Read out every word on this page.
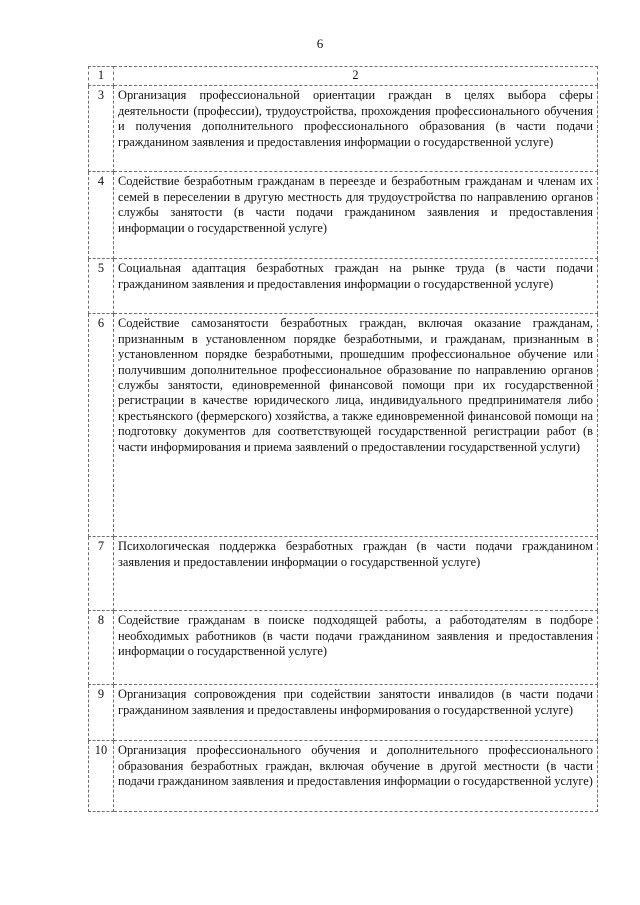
6
1	2
3	Организация профессиональной ориентации граждан в целях выбора сферы деятельности (профессии), трудоустройства, прохождения профессионального обучения и получения дополнительного профессионального образования (в части подачи гражданином заявления и предоставления информации о государственной услуге)
4	Содействие безработным гражданам в переезде и безработным гражданам и членам их семей в переселении в другую местность для трудоустройства по направлению органов службы занятости (в части подачи гражданином заявления и предоставления информации о государственной услуге)
5	Социальная адаптация безработных граждан на рынке труда (в части подачи гражданином заявления и предоставления информации о государственной услуге)
6	Содействие самозанятости безработных граждан, включая оказание гражданам, признанным в установленном порядке безработными, и гражданам, признанным в установленном порядке безработными, прошедшим профессиональное обучение или получившим дополнительное профессиональное образование по направлению органов службы занятости, единовременной финансовой помощи при их государственной регистрации в качестве юридического лица, индивидуального предпринимателя либо крестьянского (фермерского) хозяйства, а также единовременной финансовой помощи на подготовку документов для соответствующей государственной регистрации работ (в части информирования и приема заявлений о предоставлении государственной услуги)
7	Психологическая поддержка безработных граждан (в части подачи гражданином заявления и предоставлении информации о государственной услуге)
8	Содействие гражданам в поиске подходящей работы, а работодателям в подборе необходимых работников (в части подачи гражданином заявления и предоставления информации о государственной услуге)
9	Организация сопровождения при содействии занятости инвалидов (в части подачи гражданином заявления и предоставлены информирования о государственной услуге)
10	Организация профессионального обучения и дополнительного профессионального образования безработных граждан, включая обучение в другой местности (в части подачи гражданином заявления и предоставления информации о государственной услуге)
